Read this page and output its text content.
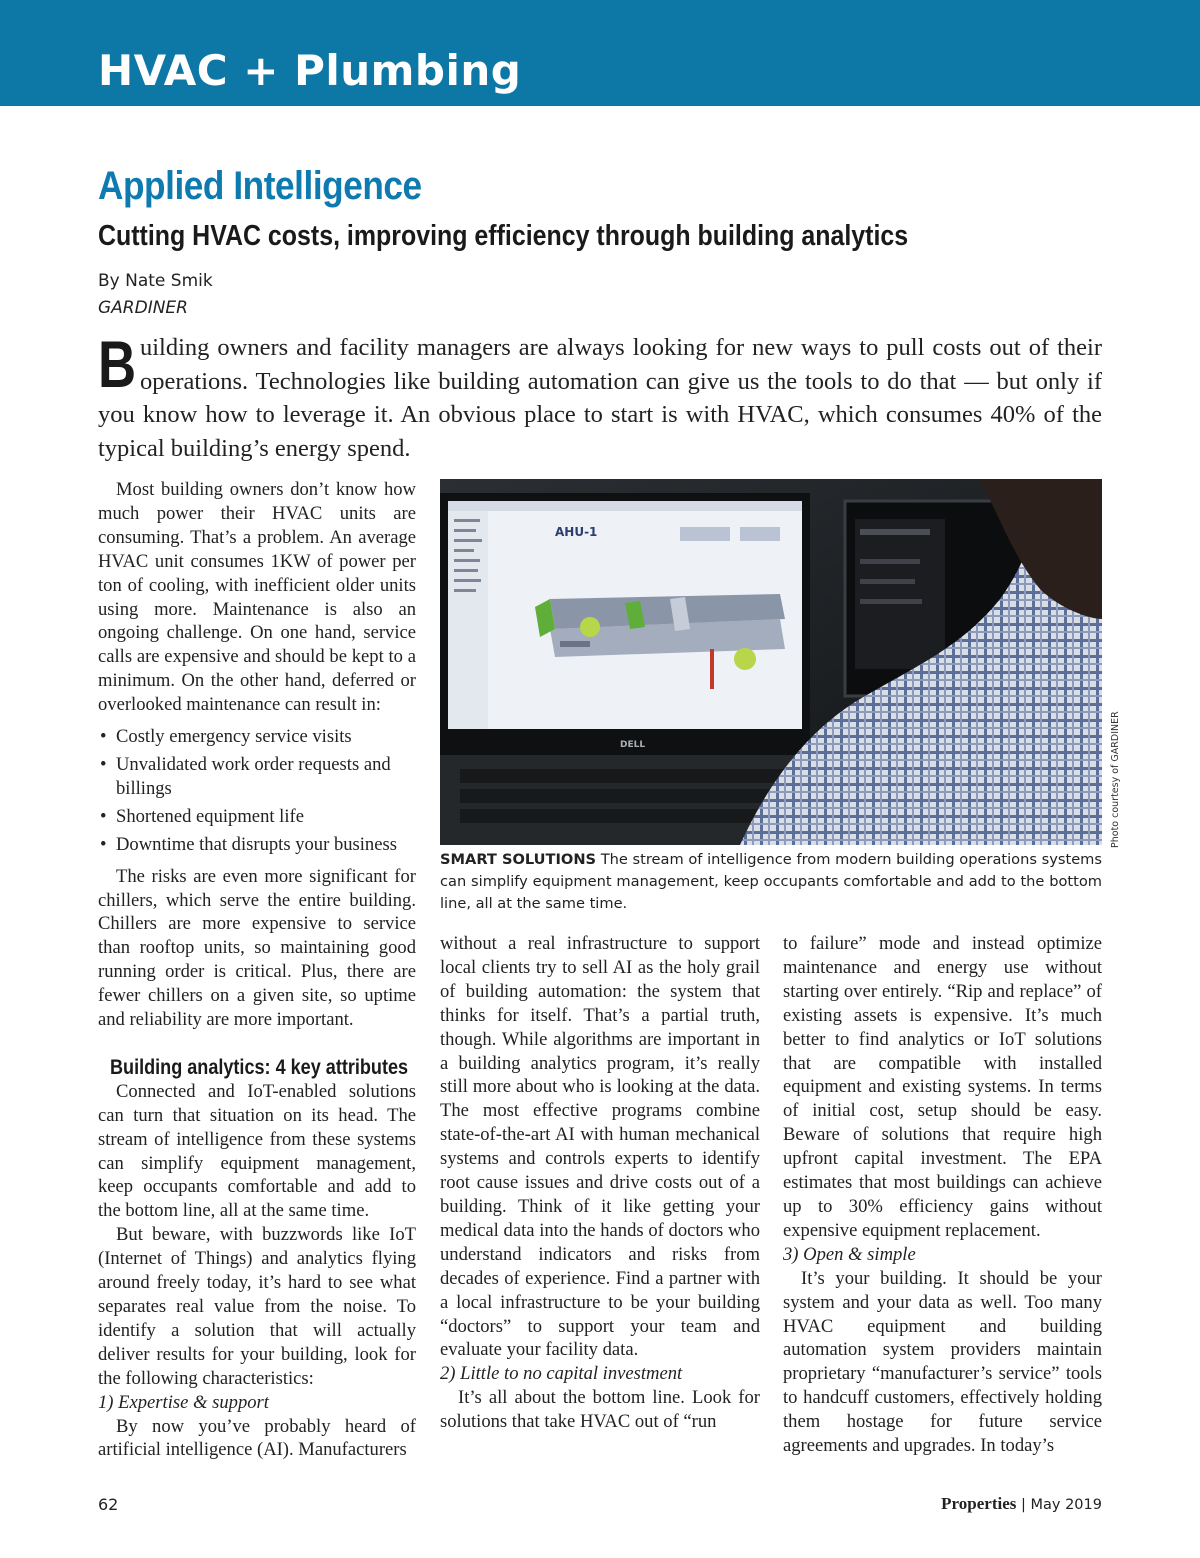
HVAC + Plumbing
Applied Intelligence
Cutting HVAC costs, improving efficiency through building analytics
By Nate Smik
GARDINER
Building owners and facility managers are always looking for new ways to pull costs out of their operations. Technologies like building automation can give us the tools to do that — but only if you know how to leverage it. An obvious place to start is with HVAC, which consumes 40% of the typical building’s energy spend.

Most building owners don’t know how much power their HVAC units are consuming. That’s a problem. An average HVAC unit consumes 1KW of power per ton of cooling, with inefficient older units using more. Maintenance is also an ongoing challenge. On one hand, service calls are expensive and should be kept to a minimum. On the other hand, deferred or overlooked maintenance can result in:

• Costly emergency service visits
• Unvalidated work order requests and billings
• Shortened equipment life
• Downtime that disrupts your business

The risks are even more significant for chillers, which serve the entire building. Chillers are more expensive to service than rooftop units, so maintaining good running order is critical. Plus, there are fewer chillers on a given site, so uptime and reliability are more important.

Building analytics: 4 key attributes

Connected and IoT-enabled solutions can turn that situation on its head. The stream of intelligence from these systems can simplify equipment management, keep occupants comfortable and add to the bottom line, all at the same time.

But beware, with buzzwords like IoT (Internet of Things) and analytics flying around freely today, it’s hard to see what separates real value from the noise. To identify a solution that will actually deliver results for your building, look for the following characteristics:

1) Expertise & support

By now you’ve probably heard of artificial intelligence (AI). Manufacturers

AHU-1
DELL	Photo courtesy of GARDINER
SMART SOLUTIONS The stream of intelligence from modern building operations systems can simplify equipment management, keep occupants comfortable and add to the bottom line, all at the same time.

without a real infrastructure to support local clients try to sell AI as the holy grail of building automation: the system that thinks for itself. That’s a partial truth, though. While algorithms are important in a building analytics program, it’s really still more about who is looking at the data. The most effective programs combine state-of-the-art AI with human mechanical systems and controls experts to identify root cause issues and drive costs out of a building. Think of it like getting your medical data into the hands of doctors who understand indicators and risks from decades of experience. Find a partner with a local infrastructure to be your building “doctors” to support your team and evaluate your facility data.

2) Little to no capital investment

It’s all about the bottom line. Look for solutions that take HVAC out of “run

to failure” mode and instead optimize maintenance and energy use without starting over entirely. “Rip and replace” of existing assets is expensive. It’s much better to find analytics or IoT solutions that are compatible with installed equipment and existing systems. In terms of initial cost, setup should be easy. Beware of solutions that require high upfront capital investment. The EPA estimates that most buildings can achieve up to 30% efficiency gains without expensive equipment replacement.

3) Open & simple

It’s your building. It should be your system and your data as well. Too many HVAC equipment and building automation system providers maintain proprietary “manufacturer’s service” tools to handcuff customers, effectively holding them hostage for future service agreements and upgrades. In today’s

62	Properties | May 2019
